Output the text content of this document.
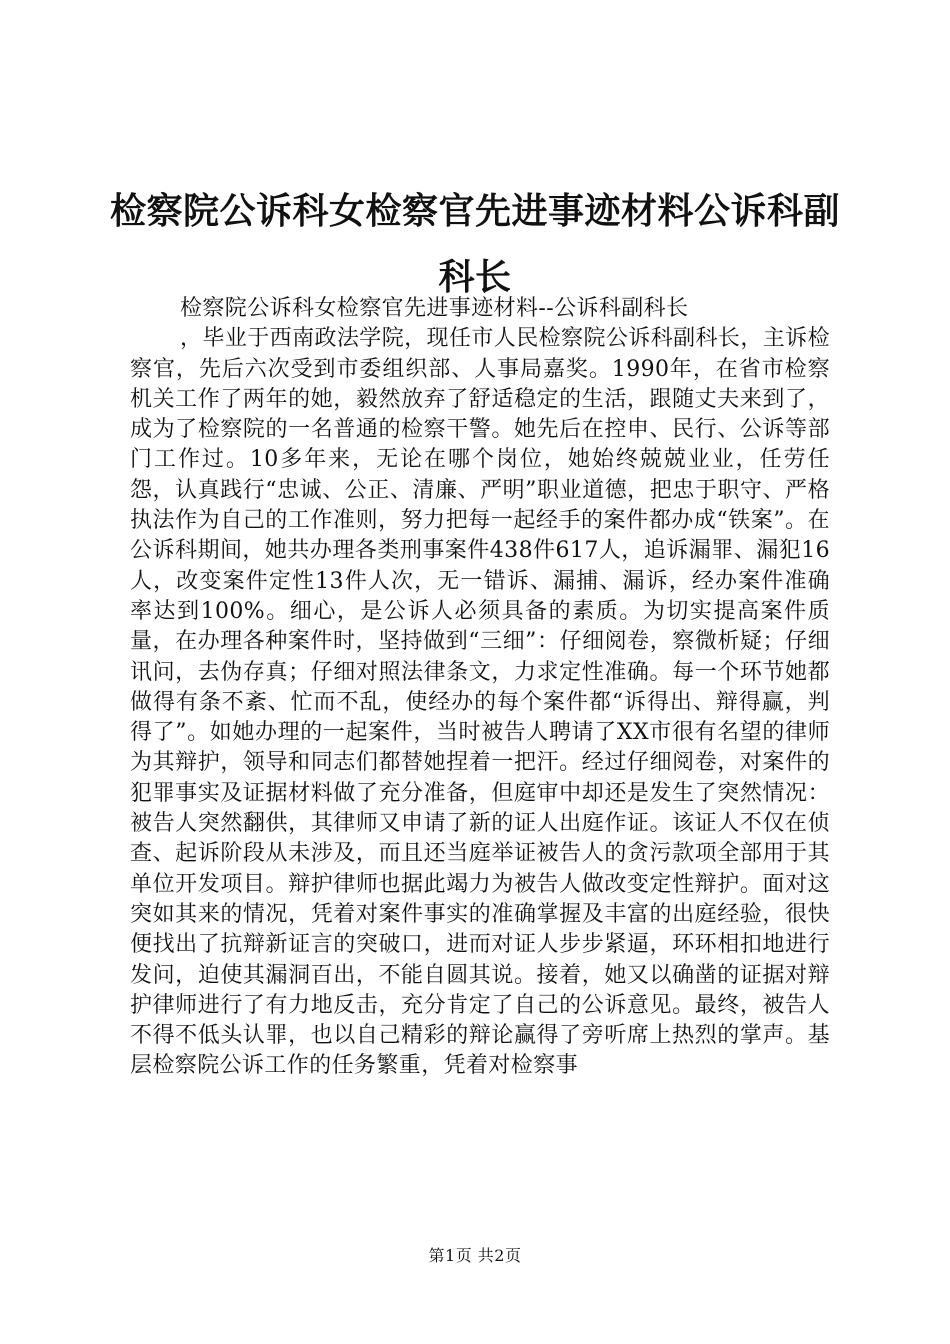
检察院公诉科女检察官先进事迹材料公诉科副科长

检察院公诉科女检察官先进事迹材料--公诉科副科长

，毕业于西南政法学院，现任市人民检察院公诉科副科长，主诉检察官，先后六次受到市委组织部、人事局嘉奖。1990年，在省市检察机关工作了两年的她，毅然放弃了舒适稳定的生活，跟随丈夫来到了，成为了检察院的一名普通的检察干警。她先后在控申、民行、公诉等部门工作过。10多年来，无论在哪个岗位，她始终兢兢业业，任劳任怨，认真践行“忠诚、公正、清廉、严明”职业道德，把忠于职守、严格执法作为自己的工作准则，努力把每一起经手的案件都办成“铁案”。在公诉科期间，她共办理各类刑事案件438件617人，追诉漏罪、漏犯16人，改变案件定性13件人次，无一错诉、漏捕、漏诉，经办案件准确率达到100%。细心，是公诉人必须具备的素质。为切实提高案件质量，在办理各种案件时，坚持做到“三细”：仔细阅卷，察微析疑；仔细讯问，去伪存真；仔细对照法律条文，力求定性准确。每一个环节她都做得有条不紊、忙而不乱，使经办的每个案件都“诉得出、辩得赢，判得了”。如她办理的一起案件，当时被告人聘请了XX市很有名望的律师为其辩护，领导和同志们都替她捏着一把汗。经过仔细阅卷，对案件的犯罪事实及证据材料做了充分准备，但庭审中却还是发生了突然情况：被告人突然翻供，其律师又申请了新的证人出庭作证。该证人不仅在侦查、起诉阶段从未涉及，而且还当庭举证被告人的贪污款项全部用于其单位开发项目。辩护律师也据此竭力为被告人做改变定性辩护。面对这突如其来的情况，凭着对案件事实的准确掌握及丰富的出庭经验，很快便找出了抗辩新证言的突破口，进而对证人步步紧逼，环环相扣地进行发问，迫使其漏洞百出，不能自圆其说。接着，她又以确凿的证据对辩护律师进行了有力地反击，充分肯定了自己的公诉意见。最终，被告人不得不低头认罪，也以自己精彩的辩论赢得了旁听席上热烈的掌声。基层检察院公诉工作的任务繁重，凭着对检察事

第1页 共2页
